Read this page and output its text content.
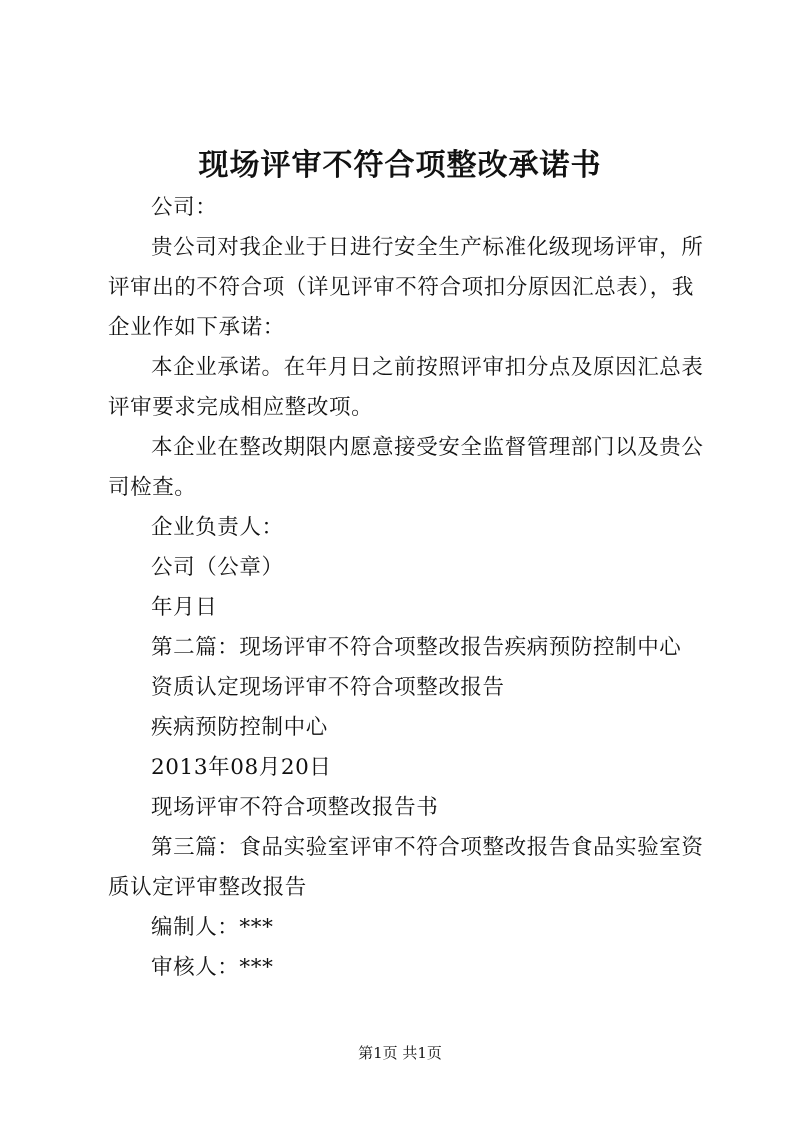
现场评审不符合项整改承诺书

公司：

贵公司对我企业于日进行安全生产标准化级现场评审，所评审出的不符合项（详见评审不符合项扣分原因汇总表），我企业作如下承诺：

本企业承诺。在年月日之前按照评审扣分点及原因汇总表评审要求完成相应整改项。

本企业在整改期限内愿意接受安全监督管理部门以及贵公司检查。

企业负责人：

公司（公章）

年月日

第二篇：现场评审不符合项整改报告疾病预防控制中心

资质认定现场评审不符合项整改报告

疾病预防控制中心

2013年08月20日

现场评审不符合项整改报告书

第三篇：食品实验室评审不符合项整改报告食品实验室资质认定评审整改报告

编制人：***

审核人：***

第1页 共1页
